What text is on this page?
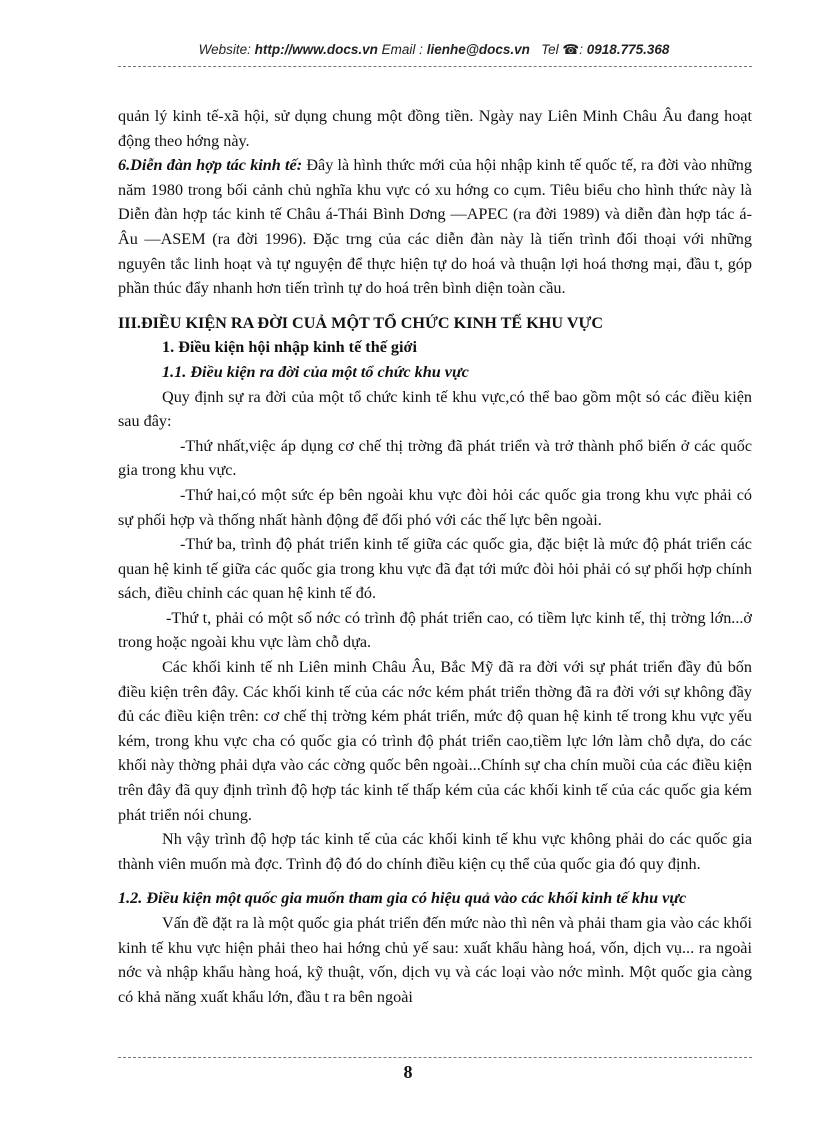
Website: http://www.docs.vn Email : lienhe@docs.vn Tel ☎: 0918.775.368

quản lý kinh tế-xã hội, sử dụng chung một đồng tiền. Ngày nay Liên Minh Châu Âu đang hoạt động theo hớng này.

6.Diễn đàn hợp tác kinh tế: Đây là hình thức mới của hội nhập kinh tế quốc tế, ra đời vào những năm 1980 trong bối cảnh chủ nghĩa khu vực có xu hớng co cụm. Tiêu biểu cho hình thức này là Diễn đàn hợp tác kinh tế Châu á-Thái Bình Dơng —APEC (ra đời 1989) và diễn đàn hợp tác á- Âu —ASEM (ra đời 1996). Đặc trng của các diễn đàn này là tiến trình đối thoại với những nguyên tắc linh hoạt và tự nguyện để thực hiện tự do hoá và thuận lợi hoá thơng mại, đầu t, góp phần thúc đẩy nhanh hơn tiến trình tự do hoá trên bình diện toàn cầu.

III.ĐIỀU KIỆN RA ĐỜI CUẢ MỘT TỔ CHỨC KINH TẾ KHU VỰC

1. Điều kiện hội nhập kinh tế thế giới

1.1. Điều kiện ra đời của một tổ chức khu vực

Quy định sự ra đời của một tổ chức kinh tế khu vực,có thể bao gồm một só các điều kiện sau đây:

-Thứ nhất,việc áp dụng cơ chế thị trờng đã phát triển và trở thành phổ biến ở các quốc gia trong khu vực.

-Thứ hai,có một sức ép bên ngoài khu vực đòi hỏi các quốc gia trong khu vực phải có sự phối hợp và thống nhất hành động để đối phó với các thế lực bên ngoài.

-Thứ ba, trình độ phát triển kinh tế giữa các quốc gia, đặc biệt là mức độ phát triển các quan hệ kinh tế giữa các quốc gia trong khu vực đã đạt tới mức đòi hỏi phải có sự phối hợp chính sách, điều chỉnh các quan hệ kinh tế đó.

-Thứ t, phải có một số nớc có trình độ phát triển cao, có tiềm lực kinh tế, thị trờng lớn...ở trong hoặc ngoài khu vực làm chỗ dựa.

Các khối kinh tế nh Liên minh Châu Âu, Bắc Mỹ đã ra đời với sự phát triển đầy đủ bốn điều kiện trên đây. Các khối kinh tế của các nớc kém phát triển thờng đã ra đời với sự không đầy đủ các điều kiện trên: cơ chế thị trờng kém phát triển, mức độ quan hệ kinh tế trong khu vực yếu kém, trong khu vực cha có quốc gia có trình độ phát triển cao,tiềm lực lớn làm chỗ dựa, do các khối này thờng phải dựa vào các cờng quốc bên ngoài...Chính sự cha chín muồi của các điều kiện trên đây đã quy định trình độ hợp tác kinh tế thấp kém của các khối kinh tế của các quốc gia kém phát triển nói chung.

Nh vậy trình độ hợp tác kinh tế của các khối kinh tế khu vực không phải do các quốc gia thành viên muốn mà đợc. Trình độ đó do chính điều kiện cụ thể của quốc gia đó quy định.

1.2. Điều kiện một quốc gia muốn tham gia có hiệu quả vào các khối kinh tế khu vực

Vấn đề đặt ra là một quốc gia phát triển đến mức nào thì nên và phải tham gia vào các khối kinh tế khu vực hiện phải theo hai hớng chủ yế sau: xuất khẩu hàng hoá, vốn, dịch vụ... ra ngoài nớc và nhập khẩu hàng hoá, kỹ thuật, vốn, dịch vụ và các loại vào nớc mình. Một quốc gia càng có khả năng xuất khẩu lớn, đầu t ra bên ngoài

8
